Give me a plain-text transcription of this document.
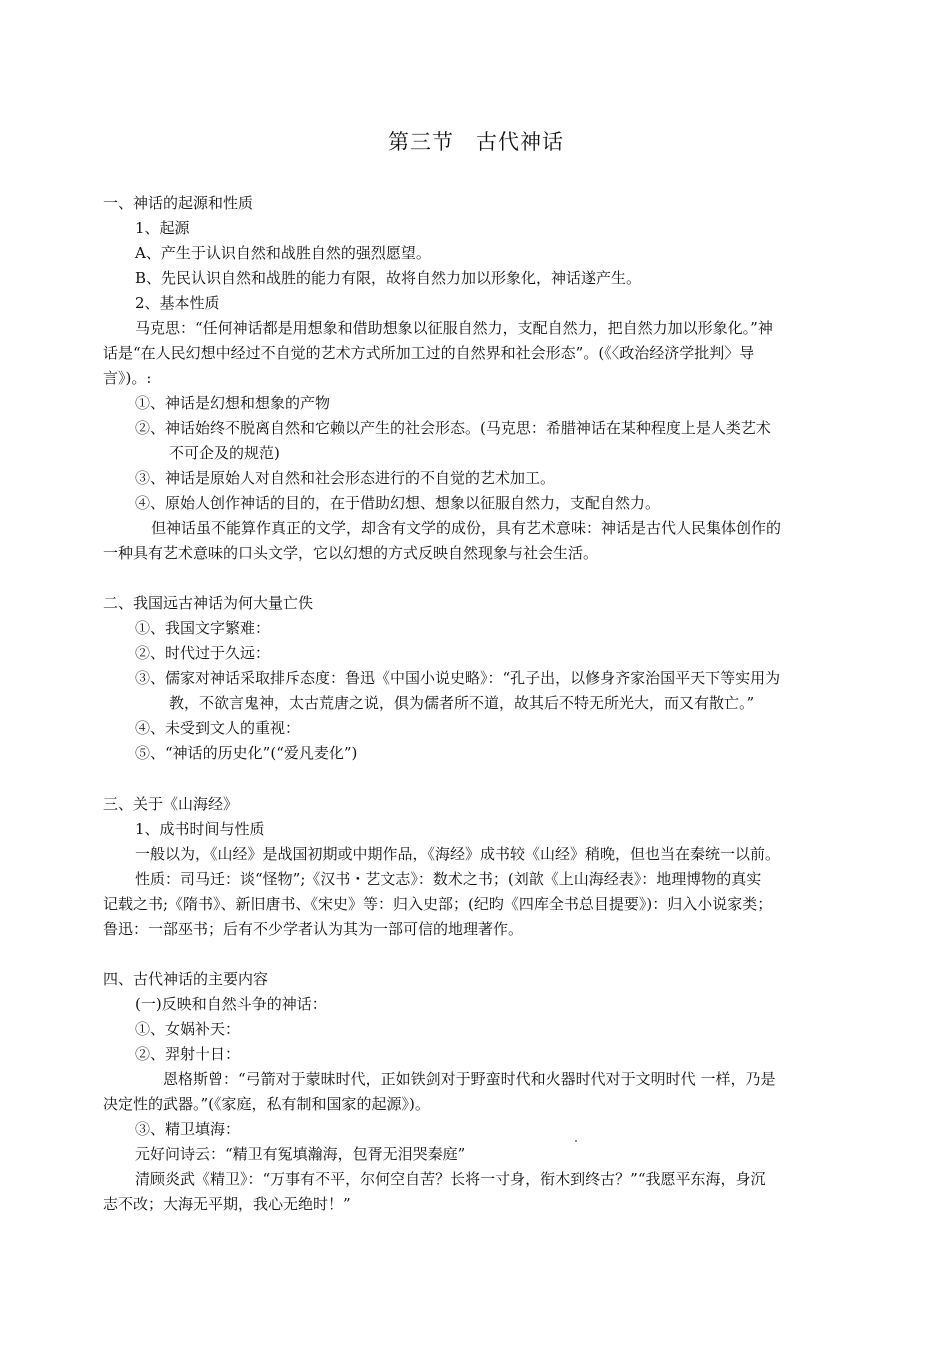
第三节　古代神话
一、神话的起源和性质
1、起源
A、产生于认识自然和战胜自然的强烈愿望。
B、先民认识自然和战胜的能力有限，故将自然力加以形象化，神话遂产生。
2、基本性质
马克思：“任何神话都是用想象和借助想象以征服自然力，支配自然力，把自然力加以形象化。”神
话是“在人民幻想中经过不自觉的艺术方式所加工过的自然界和社会形态”。(《〈政治经济学批判〉导
言》)。:
①、神话是幻想和想象的产物
②、神话始终不脱离自然和它赖以产生的社会形态。(马克思：希腊神话在某种程度上是人类艺术
不可企及的规范)
③、神话是原始人对自然和社会形态进行的不自觉的艺术加工。
④、原始人创作神话的目的，在于借助幻想、想象以征服自然力，支配自然力。
但神话虽不能算作真正的文学，却含有文学的成份，具有艺术意味：神话是古代人民集体创作的
一种具有艺术意味的口头文学，它以幻想的方式反映自然现象与社会生活。
二、我国远古神话为何大量亡佚
①、我国文字繁难：
②、时代过于久远：
③、儒家对神话采取排斥态度：鲁迅《中国小说史略》：“孔子出，以修身齐家治国平天下等实用为
教，不欲言鬼神，太古荒唐之说，俱为儒者所不道，故其后不特无所光大，而又有散亡。”
④、未受到文人的重视：
⑤、“神话的历史化”(“爱凡麦化”)
三、关于《山海经》
1、成书时间与性质
一般以为，《山经》是战国初期或中期作品，《海经》成书较《山经》稍晚，但也当在秦统一以前。
性质：司马迁：谈“怪物”;《汉书・艺文志》：数术之书；(刘歆《上山海经表》：地理博物的真实
记载之书;《隋书》、新旧唐书、《宋史》等：归入史部；(纪昀《四库全书总目提要》)：归入小说家类；
鲁迅：一部巫书；后有不少学者认为其为一部可信的地理著作。
四、古代神话的主要内容
(一)反映和自然斗争的神话：
①、女娲补天：
②、羿射十日：
恩格斯曾：“弓箭对于蒙昧时代，正如铁剑对于野蛮时代和火器时代对于文明时代 一样，乃是
决定性的武器。”(《家庭，私有制和国家的起源》)。
③、精卫填海：
元好问诗云：“精卫有冤填瀚海，包胥无泪哭秦庭”
清顾炎武《精卫》：“万事有不平，尔何空自苦？长将一寸身，衔木到终古？”“我愿平东海，身沉
志不改；大海无平期，我心无绝时！”
